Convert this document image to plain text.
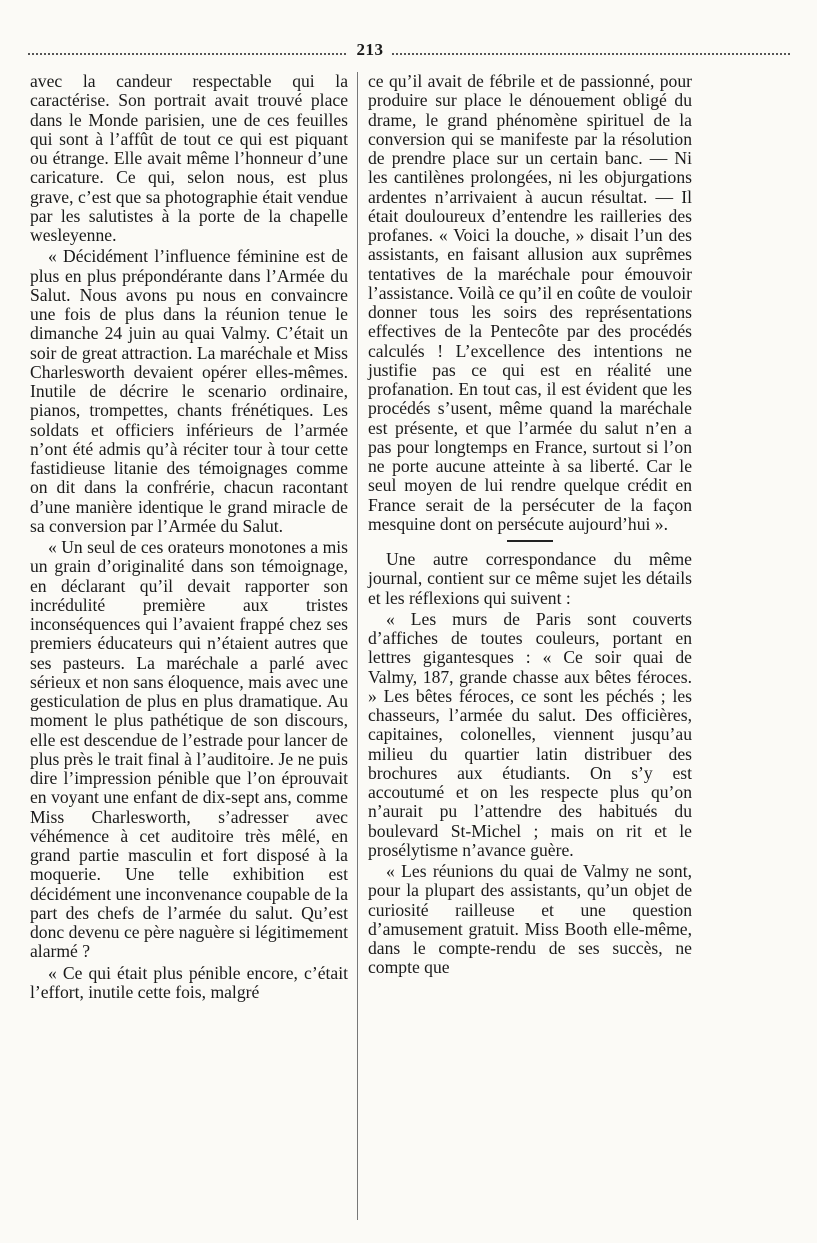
213

avec la candeur respectable qui la caractérise. Son portrait avait trouvé place dans le Monde parisien, une de ces feuilles qui sont à l’affût de tout ce qui est piquant ou étrange. Elle avait même l’honneur d’une caricature. Ce qui, selon nous, est plus grave, c’est que sa photographie était vendue par les salutistes à la porte de la chapelle wesleyenne.

« Décidément l’influence féminine est de plus en plus prépondérante dans l’Armée du Salut. Nous avons pu nous en convaincre une fois de plus dans la réunion tenue le dimanche 24 juin au quai Valmy. C’était un soir de great attraction. La maréchale et Miss Charlesworth devaient opérer elles-mêmes. Inutile de décrire le scenario ordinaire, pianos, trompettes, chants frénétiques. Les soldats et officiers inférieurs de l’armée n’ont été admis qu’à réciter tour à tour cette fastidieuse litanie des témoignages comme on dit dans la confrérie, chacun racontant d’une manière identique le grand miracle de sa conversion par l’Armée du Salut.

« Un seul de ces orateurs monotones a mis un grain d’originalité dans son témoignage, en déclarant qu’il devait rapporter son incrédulité première aux tristes inconséquences qui l’avaient frappé chez ses premiers éducateurs qui n’étaient autres que ses pasteurs. La maréchale a parlé avec sérieux et non sans éloquence, mais avec une gesticulation de plus en plus dramatique. Au moment le plus pathétique de son discours, elle est descendue de l’estrade pour lancer de plus près le trait final à l’auditoire. Je ne puis dire l’impression pénible que l’on éprouvait en voyant une enfant de dix-sept ans, comme Miss Charlesworth, s’adresser avec véhémence à cet auditoire très mêlé, en grand partie masculin et fort disposé à la moquerie. Une telle exhibition est décidément une inconvenance coupable de la part des chefs de l’armée du salut. Qu’est donc devenu ce père naguère si légitimement alarmé ?

« Ce qui était plus pénible encore, c’était l’effort, inutile cette fois, malgré

ce qu’il avait de fébrile et de passionné, pour produire sur place le dénouement obligé du drame, le grand phénomène spirituel de la conversion qui se manifeste par la résolution de prendre place sur un certain banc. — Ni les cantilènes prolongées, ni les objurgations ardentes n’arrivaient à aucun résultat. — Il était douloureux d’entendre les railleries des profanes. « Voici la douche, » disait l’un des assistants, en faisant allusion aux suprêmes tentatives de la maréchale pour émouvoir l’assistance. Voilà ce qu’il en coûte de vouloir donner tous les soirs des représentations effectives de la Pentecôte par des procédés calculés ! L’excellence des intentions ne justifie pas ce qui est en réalité une profanation. En tout cas, il est évident que les procédés s’usent, même quand la maréchale est présente, et que l’armée du salut n’en a pas pour longtemps en France, surtout si l’on ne porte aucune atteinte à sa liberté. Car le seul moyen de lui rendre quelque crédit en France serait de la persécuter de la façon mesquine dont on persécute aujourd’hui ».

Une autre correspondance du même journal, contient sur ce même sujet les détails et les réflexions qui suivent :

« Les murs de Paris sont couverts d’affiches de toutes couleurs, portant en lettres gigantesques : « Ce soir quai de Valmy, 187, grande chasse aux bêtes féroces. » Les bêtes féroces, ce sont les péchés ; les chasseurs, l’armée du salut. Des officières, capitaines, colonelles, viennent jusqu’au milieu du quartier latin distribuer des brochures aux étudiants. On s’y est accoutumé et on les respecte plus qu’on n’aurait pu l’attendre des habitués du boulevard St-Michel ; mais on rit et le prosélytisme n’avance guère.

« Les réunions du quai de Valmy ne sont, pour la plupart des assistants, qu’un objet de curiosité railleuse et une question d’amusement gratuit. Miss Booth elle-même, dans le compte-rendu de ses succès, ne compte que
